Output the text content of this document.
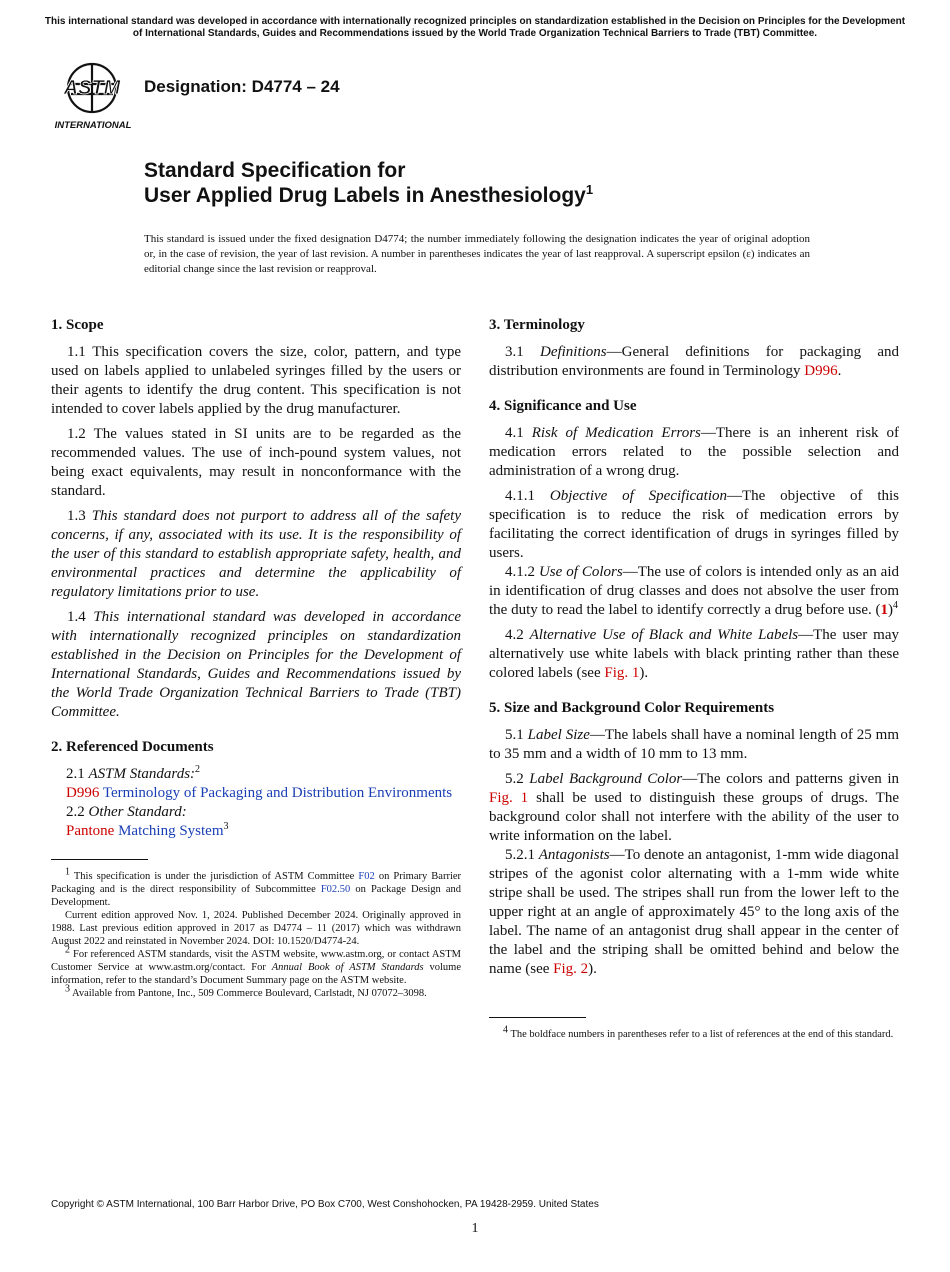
This international standard was developed in accordance with internationally recognized principles on standardization established in the Decision on Principles for the Development of International Standards, Guides and Recommendations issued by the World Trade Organization Technical Barriers to Trade (TBT) Committee.
ASTM
INTERNATIONAL
Designation: D4774 – 24
Standard Specification for
User Applied Drug Labels in Anesthesiology$^1$
This standard is issued under the fixed designation D4774; the number immediately following the designation indicates the year of original adoption or, in the case of revision, the year of last revision. A number in parentheses indicates the year of last reapproval. A superscript epsilon (ε) indicates an editorial change since the last revision or reapproval.
1. Scope

1.1 This specification covers the size, color, pattern, and type used on labels applied to unlabeled syringes filled by the users or their agents to identify the drug content. This specification is not intended to cover labels applied by the drug manufacturer.

1.2 The values stated in SI units are to be regarded as the recommended values. The use of inch-pound system values, not being exact equivalents, may result in nonconformance with the standard.

1.3 This standard does not purport to address all of the safety concerns, if any, associated with its use. It is the responsibility of the user of this standard to establish appropriate safety, health, and environmental practices and determine the applicability of regulatory limitations prior to use.

1.4 This international standard was developed in accordance with internationally recognized principles on standardization established in the Decision on Principles for the Development of International Standards, Guides and Recommendations issued by the World Trade Organization Technical Barriers to Trade (TBT) Committee.

2. Referenced Documents
2.1 ASTM Standards:$^2$
D996 Terminology of Packaging and Distribution Environments
2.2 Other Standard:
Pantone Matching System$^3$

$^1$ This specification is under the jurisdiction of ASTM Committee F02 on Primary Barrier Packaging and is the direct responsibility of Subcommittee F02.50 on Package Design and Development.

Current edition approved Nov. 1, 2024. Published December 2024. Originally approved in 1988. Last previous edition approved in 2017 as D4774 – 11 (2017) which was withdrawn August 2022 and reinstated in November 2024. DOI: 10.1520/D4774-24.

$^2$ For referenced ASTM standards, visit the ASTM website, www.astm.org, or contact ASTM Customer Service at www.astm.org/contact. For Annual Book of ASTM Standards volume information, refer to the standard’s Document Summary page on the ASTM website.

$^3$ Available from Pantone, Inc., 509 Commerce Boulevard, Carlstadt, NJ 07072–3098.

3. Terminology

3.1 Definitions—General definitions for packaging and distribution environments are found in Terminology D996.

4. Significance and Use

4.1 Risk of Medication Errors—There is an inherent risk of medication errors related to the possible selection and administration of a wrong drug.

4.1.1 Objective of Specification—The objective of this specification is to reduce the risk of medication errors by facilitating the correct identification of drugs in syringes filled by users.

4.1.2 Use of Colors—The use of colors is intended only as an aid in identification of drug classes and does not absolve the user from the duty to read the label to identify correctly a drug before use. $(1)^4$

4.2 Alternative Use of Black and White Labels—The user may alternatively use white labels with black printing rather than these colored labels (see Fig. 1).

5. Size and Background Color Requirements

5.1 Label Size—The labels shall have a nominal length of 25 mm to 35 mm and a width of 10 mm to 13 mm.

5.2 Label Background Color—The colors and patterns given in Fig. 1 shall be used to distinguish these groups of drugs. The background color shall not interfere with the ability of the user to write information on the label.

5.2.1 Antagonists—To denote an antagonist, 1-mm wide diagonal stripes of the agonist color alternating with a 1-mm wide white stripe shall be used. The stripes shall run from the lower left to the upper right at an angle of approximately 45° to the long axis of the label. The name of an antagonist drug shall appear in the center of the label and the striping shall be omitted behind and below the name (see Fig. 2).

$^4$ The boldface numbers in parentheses refer to a list of references at the end of this standard.

Copyright © ASTM International, 100 Barr Harbor Drive, PO Box C700, West Conshohocken, PA 19428-2959. United States
1
